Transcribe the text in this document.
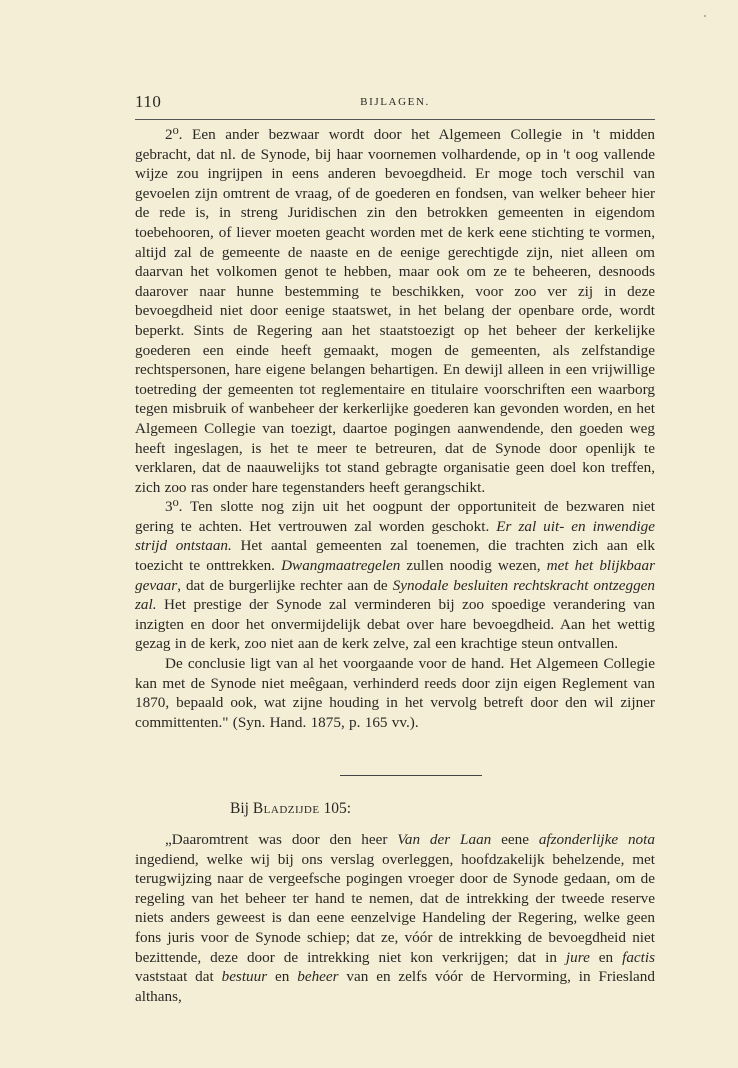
110	BIJLAGEN.

2⁰. Een ander bezwaar wordt door het Algemeen Collegie in 't midden gebracht, dat nl. de Synode, bij haar voornemen volhardende, op in 't oog vallende wijze zou ingrijpen in eens anderen bevoegdheid. Er moge toch verschil van gevoelen zijn omtrent de vraag, of de goederen en fondsen, van welker beheer hier de rede is, in streng Juridischen zin den betrokken gemeenten in eigendom toebehooren, of liever moeten geacht worden met de kerk eene stichting te vormen, altijd zal de gemeente de naaste en de eenige gerechtigde zijn, niet alleen om daarvan het volkomen genot te hebben, maar ook om ze te beheeren, desnoods daarover naar hunne bestemming te beschikken, voor zoo ver zij in deze bevoegdheid niet door eenige staatswet, in het belang der openbare orde, wordt beperkt. Sints de Regering aan het staatstoezigt op het beheer der kerkelijke goederen een einde heeft gemaakt, mogen de gemeenten, als zelfstandige rechtspersonen, hare eigene belangen behartigen. En dewijl alleen in een vrijwillige toetreding der gemeenten tot reglementaire en titulaire voorschriften een waarborg tegen misbruik of wanbeheer der kerkerlijke goederen kan gevonden worden, en het Algemeen Collegie van toezigt, daartoe pogingen aanwendende, den goeden weg heeft ingeslagen, is het te meer te betreuren, dat de Synode door openlijk te verklaren, dat de naauwelijks tot stand gebragte organisatie geen doel kon treffen, zich zoo ras onder hare tegenstanders heeft gerangschikt.

3⁰. Ten slotte nog zijn uit het oogpunt der opportuniteit de bezwaren niet gering te achten. Het vertrouwen zal worden geschokt. Er zal uit- en inwendige strijd ontstaan. Het aantal gemeenten zal toenemen, die trachten zich aan elk toezicht te onttrekken. Dwangmaatregelen zullen noodig wezen, met het blijkbaar gevaar, dat de burgerlijke rechter aan de Synodale besluiten rechtskracht ontzeggen zal. Het prestige der Synode zal verminderen bij zoo spoedige verandering van inzigten en door het onvermijdelijk debat over hare bevoegdheid. Aan het wettig gezag in de kerk, zoo niet aan de kerk zelve, zal een krachtige steun ontvallen.

De conclusie ligt van al het voorgaande voor de hand. Het Algemeen Collegie kan met de Synode niet meêgaan, verhinderd reeds door zijn eigen Reglement van 1870, bepaald ook, wat zijne houding in het vervolg betreft door den wil zijner committenten." (Syn. Hand. 1875, p. 165 vv.).

Bij Bladzijde 105:

„Daaromtrent was door den heer Van der Laan eene afzonderlijke nota ingediend, welke wij bij ons verslag overleggen, hoofdzakelijk behelzende, met terugwijzing naar de vergeefsche pogingen vroeger door de Synode gedaan, om de regeling van het beheer ter hand te nemen, dat de intrekking der tweede reserve niets anders geweest is dan eene eenzelvige Handeling der Regering, welke geen fons juris voor de Synode schiep; dat ze, vóór de intrekking de bevoegdheid niet bezittende, deze door de intrekking niet kon verkrijgen; dat in jure en factis vaststaat dat bestuur en beheer van en zelfs vóór de Hervorming, in Friesland althans,
